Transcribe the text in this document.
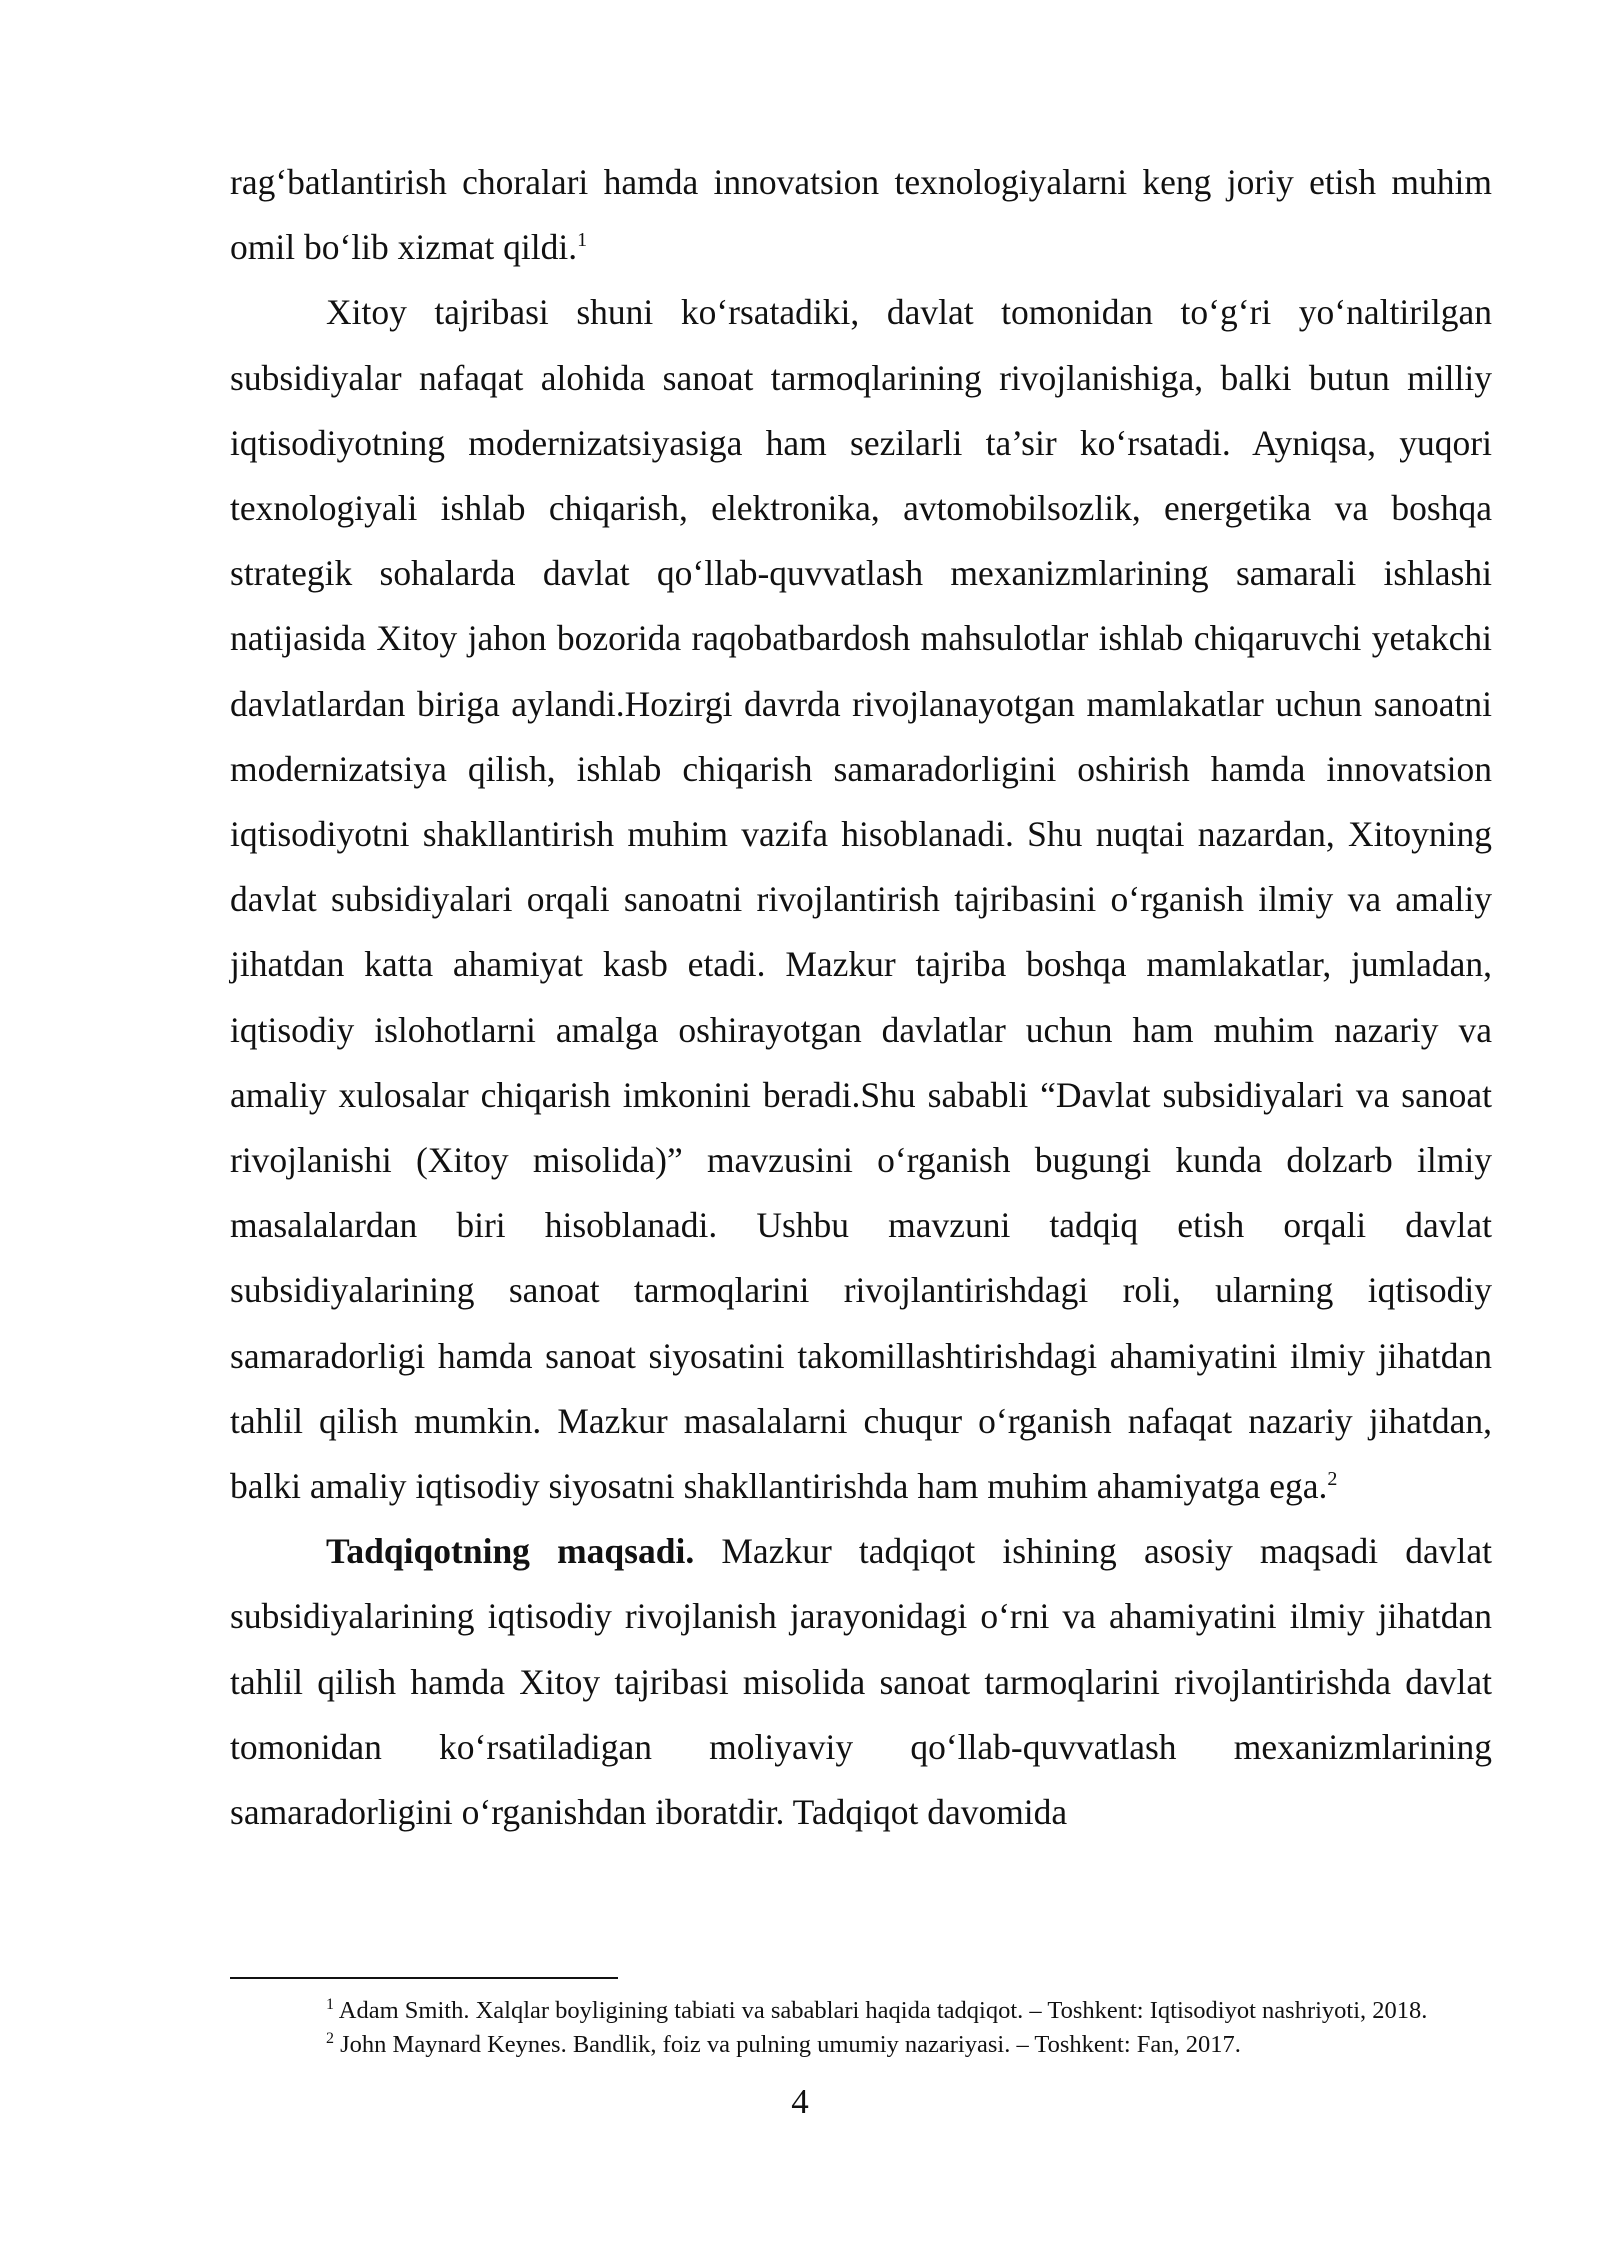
rag‘batlantirish choralari hamda innovatsion texnologiyalarni keng joriy etish muhim omil bo‘lib xizmat qildi.$^1$

Xitoy tajribasi shuni ko‘rsatadiki, davlat tomonidan to‘g‘ri yo‘naltirilgan subsidiyalar nafaqat alohida sanoat tarmoqlarining rivojlanishiga, balki butun milliy iqtisodiyotning modernizatsiyasiga ham sezilarli ta’sir ko‘rsatadi. Ayniqsa, yuqori texnologiyali ishlab chiqarish, elektronika, avtomobilsozlik, energetika va boshqa strategik sohalarda davlat qo‘llab-quvvatlash mexanizmlarining samarali ishlashi natijasida Xitoy jahon bozorida raqobatbardosh mahsulotlar ishlab chiqaruvchi yetakchi davlatlardan biriga aylandi.Hozirgi davrda rivojlanayotgan mamlakatlar uchun sanoatni modernizatsiya qilish, ishlab chiqarish samaradorligini oshirish hamda innovatsion iqtisodiyotni shakllantirish muhim vazifa hisoblanadi. Shu nuqtai nazardan, Xitoyning davlat subsidiyalari orqali sanoatni rivojlantirish tajribasini o‘rganish ilmiy va amaliy jihatdan katta ahamiyat kasb etadi. Mazkur tajriba boshqa mamlakatlar, jumladan, iqtisodiy islohotlarni amalga oshirayotgan davlatlar uchun ham muhim nazariy va amaliy xulosalar chiqarish imkonini beradi.Shu sababli “Davlat subsidiyalari va sanoat rivojlanishi (Xitoy misolida)” mavzusini o‘rganish bugungi kunda dolzarb ilmiy masalalardan biri hisoblanadi. Ushbu mavzuni tadqiq etish orqali davlat subsidiyalarining sanoat tarmoqlarini rivojlantirishdagi roli, ularning iqtisodiy samaradorligi hamda sanoat siyosatini takomillashtirishdagi ahamiyatini ilmiy jihatdan tahlil qilish mumkin. Mazkur masalalarni chuqur o‘rganish nafaqat nazariy jihatdan, balki amaliy iqtisodiy siyosatni shakllantirishda ham muhim ahamiyatga ega.$^2$

Tadqiqotning maqsadi. Mazkur tadqiqot ishining asosiy maqsadi davlat subsidiyalarining iqtisodiy rivojlanish jarayonidagi o‘rni va ahamiyatini ilmiy jihatdan tahlil qilish hamda Xitoy tajribasi misolida sanoat tarmoqlarini rivojlantirishda davlat tomonidan ko‘rsatiladigan moliyaviy qo‘llab-quvvatlash mexanizmlarining samaradorligini o‘rganishdan iboratdir. Tadqiqot davomida

$^1$ Adam Smith. Xalqlar boyligining tabiati va sabablari haqida tadqiqot. – Toshkent: Iqtisodiyot nashriyoti, 2018.

$^2$ John Maynard Keynes. Bandlik, foiz va pulning umumiy nazariyasi. – Toshkent: Fan, 2017.

4
